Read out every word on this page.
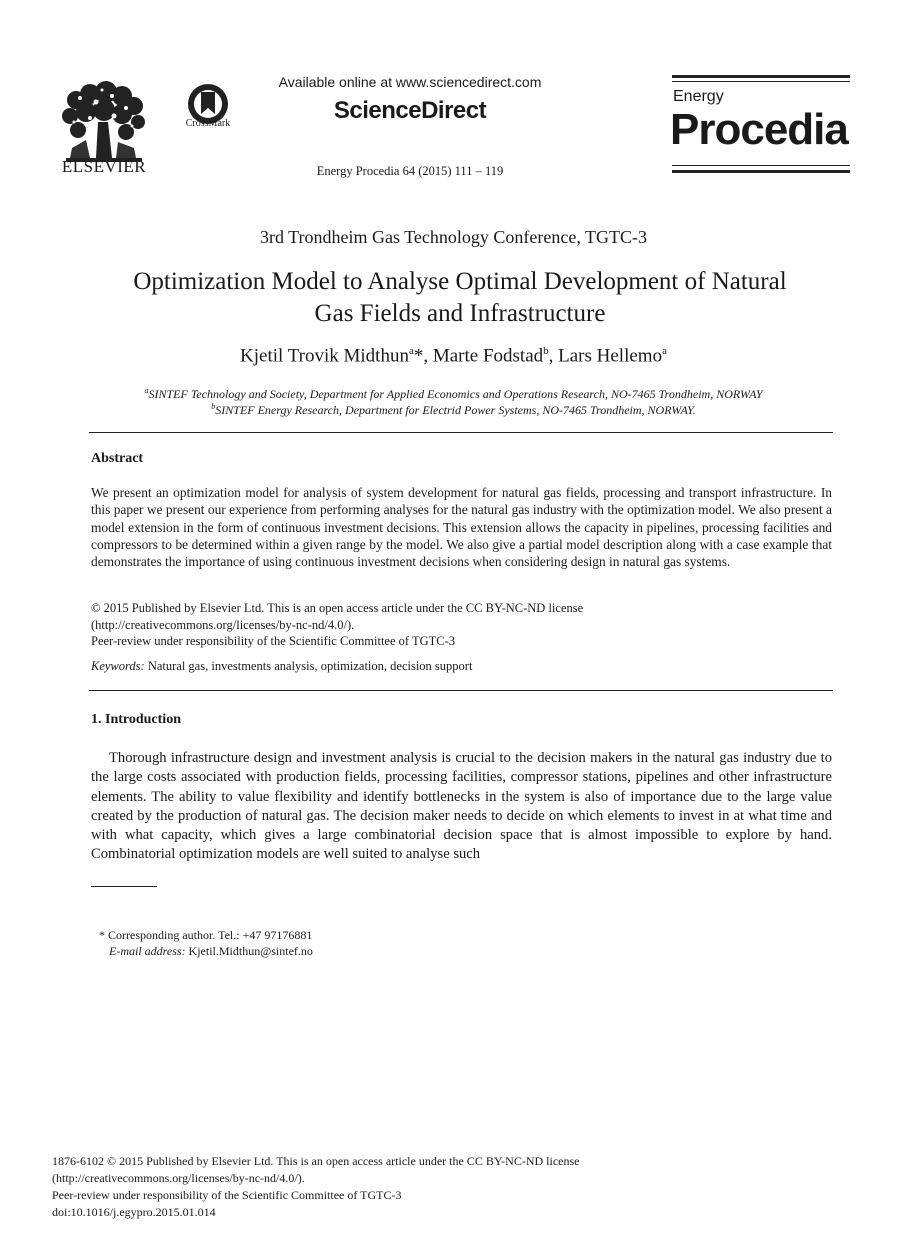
ELSEVIER
CrossMark
Available online at www.sciencedirect.com
ScienceDirect
Energy Procedia 64 (2015) 111 – 119
Energy
Procedia
3rd Trondheim Gas Technology Conference, TGTC-3
Optimization Model to Analyse Optimal Development of Natural
Gas Fields and Infrastructure
Kjetil Trovik Midthun$^a$*, Marte Fodstad$^b$, Lars Hellemo$^a$
$^a$SINTEF Technology and Society, Department for Applied Economics and Operations Research, NO-7465 Trondheim, NORWAY
$^b$SINTEF Energy Research, Department for Electrid Power Systems, NO-7465 Trondheim, NORWAY.
Abstract
We present an optimization model for analysis of system development for natural gas fields, processing and transport infrastructure. In this paper we present our experience from performing analyses for the natural gas industry with the optimization model. We also present a model extension in the form of continuous investment decisions. This extension allows the capacity in pipelines, processing facilities and compressors to be determined within a given range by the model. We also give a partial model description along with a case example that demonstrates the importance of using continuous investment decisions when considering design in natural gas systems.
© 2015 Published by Elsevier Ltd. This is an open access article under the CC BY-NC-ND license
(http://creativecommons.org/licenses/by-nc-nd/4.0/).
Peer-review under responsibility of the Scientific Committee of TGTC-3
Keywords: Natural gas, investments analysis, optimization, decision support
1. Introduction
Thorough infrastructure design and investment analysis is crucial to the decision makers in the natural gas industry due to the large costs associated with production fields, processing facilities, compressor stations, pipelines and other infrastructure elements. The ability to value flexibility and identify bottlenecks in the system is also of importance due to the large value created by the production of natural gas. The decision maker needs to decide on which elements to invest in at what time and with what capacity, which gives a large combinatorial decision space that is almost impossible to explore by hand. Combinatorial optimization models are well suited to analyse such
* Corresponding author. Tel.: +47 97176881
E-mail address: Kjetil.Midthun@sintef.no
1876-6102 © 2015 Published by Elsevier Ltd. This is an open access article under the CC BY-NC-ND license
(http://creativecommons.org/licenses/by-nc-nd/4.0/).
Peer-review under responsibility of the Scientific Committee of TGTC-3
doi:10.1016/j.egypro.2015.01.014
